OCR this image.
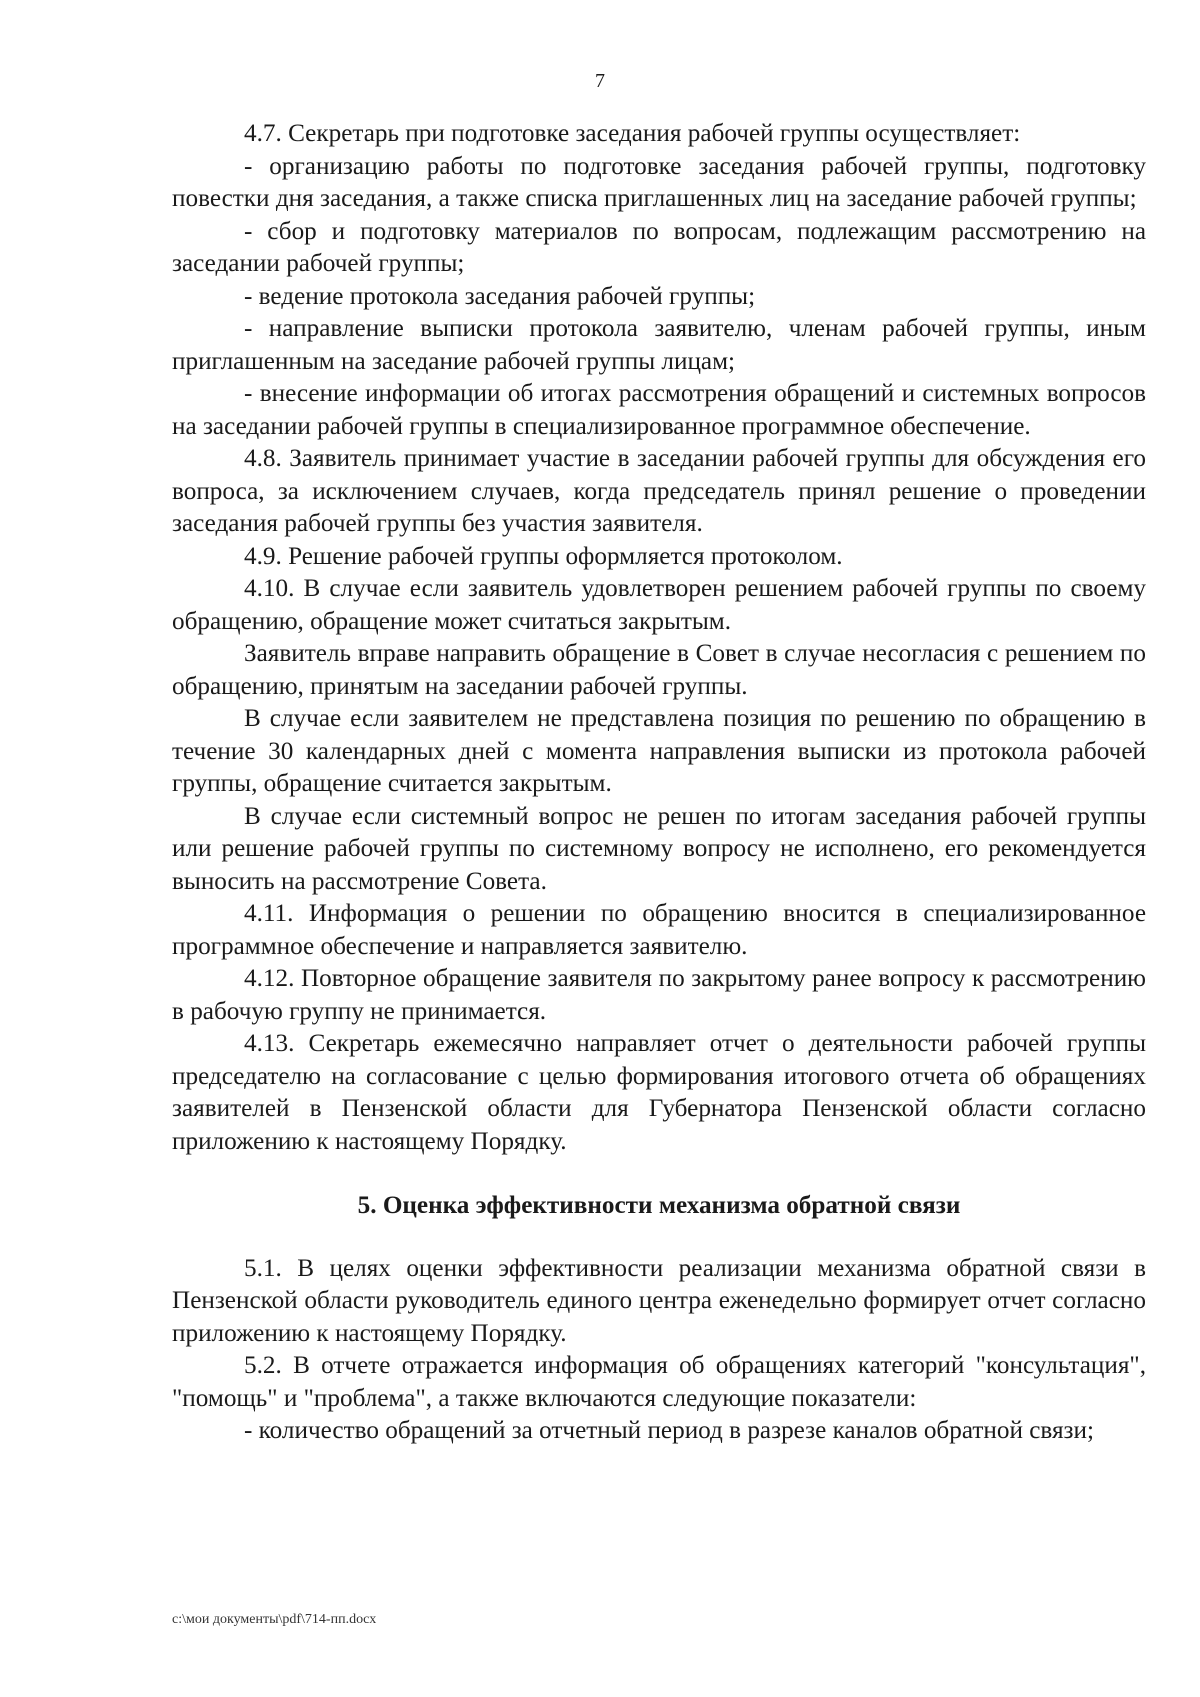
7

4.7. Секретарь при подготовке заседания рабочей группы осуществляет:

- организацию работы по подготовке заседания рабочей группы, подготовку повестки дня заседания, а также списка приглашенных лиц на заседание рабочей группы;

- сбор и подготовку материалов по вопросам, подлежащим рассмотрению на заседании рабочей группы;

- ведение протокола заседания рабочей группы;

- направление выписки протокола заявителю, членам рабочей группы, иным приглашенным на заседание рабочей группы лицам;

- внесение информации об итогах рассмотрения обращений и системных вопросов на заседании рабочей группы в специализированное программное обеспечение.

4.8. Заявитель принимает участие в заседании рабочей группы для обсуждения его вопроса, за исключением случаев, когда председатель принял решение о проведении заседания рабочей группы без участия заявителя.

4.9. Решение рабочей группы оформляется протоколом.

4.10. В случае если заявитель удовлетворен решением рабочей группы по своему обращению, обращение может считаться закрытым.

Заявитель вправе направить обращение в Совет в случае несогласия с решением по обращению, принятым на заседании рабочей группы.

В случае если заявителем не представлена позиция по решению по обращению в течение 30 календарных дней с момента направления выписки из протокола рабочей группы, обращение считается закрытым.

В случае если системный вопрос не решен по итогам заседания рабочей группы или решение рабочей группы по системному вопросу не исполнено, его рекомендуется выносить на рассмотрение Совета.

4.11. Информация о решении по обращению вносится в специализированное программное обеспечение и направляется заявителю.

4.12. Повторное обращение заявителя по закрытому ранее вопросу к рассмотрению в рабочую группу не принимается.

4.13. Секретарь ежемесячно направляет отчет о деятельности рабочей группы председателю на согласование с целью формирования итогового отчета об обращениях заявителей в Пензенской области для Губернатора Пензенской области согласно приложению к настоящему Порядку.

5. Оценка эффективности механизма обратной связи

5.1. В целях оценки эффективности реализации механизма обратной связи в Пензенской области руководитель единого центра еженедельно формирует отчет согласно приложению к настоящему Порядку.

5.2. В отчете отражается информация об обращениях категорий "консультация", "помощь" и "проблема", а также включаются следующие показатели:

- количество обращений за отчетный период в разрезе каналов обратной связи;

c:\мои документы\pdf\714-пп.docx
